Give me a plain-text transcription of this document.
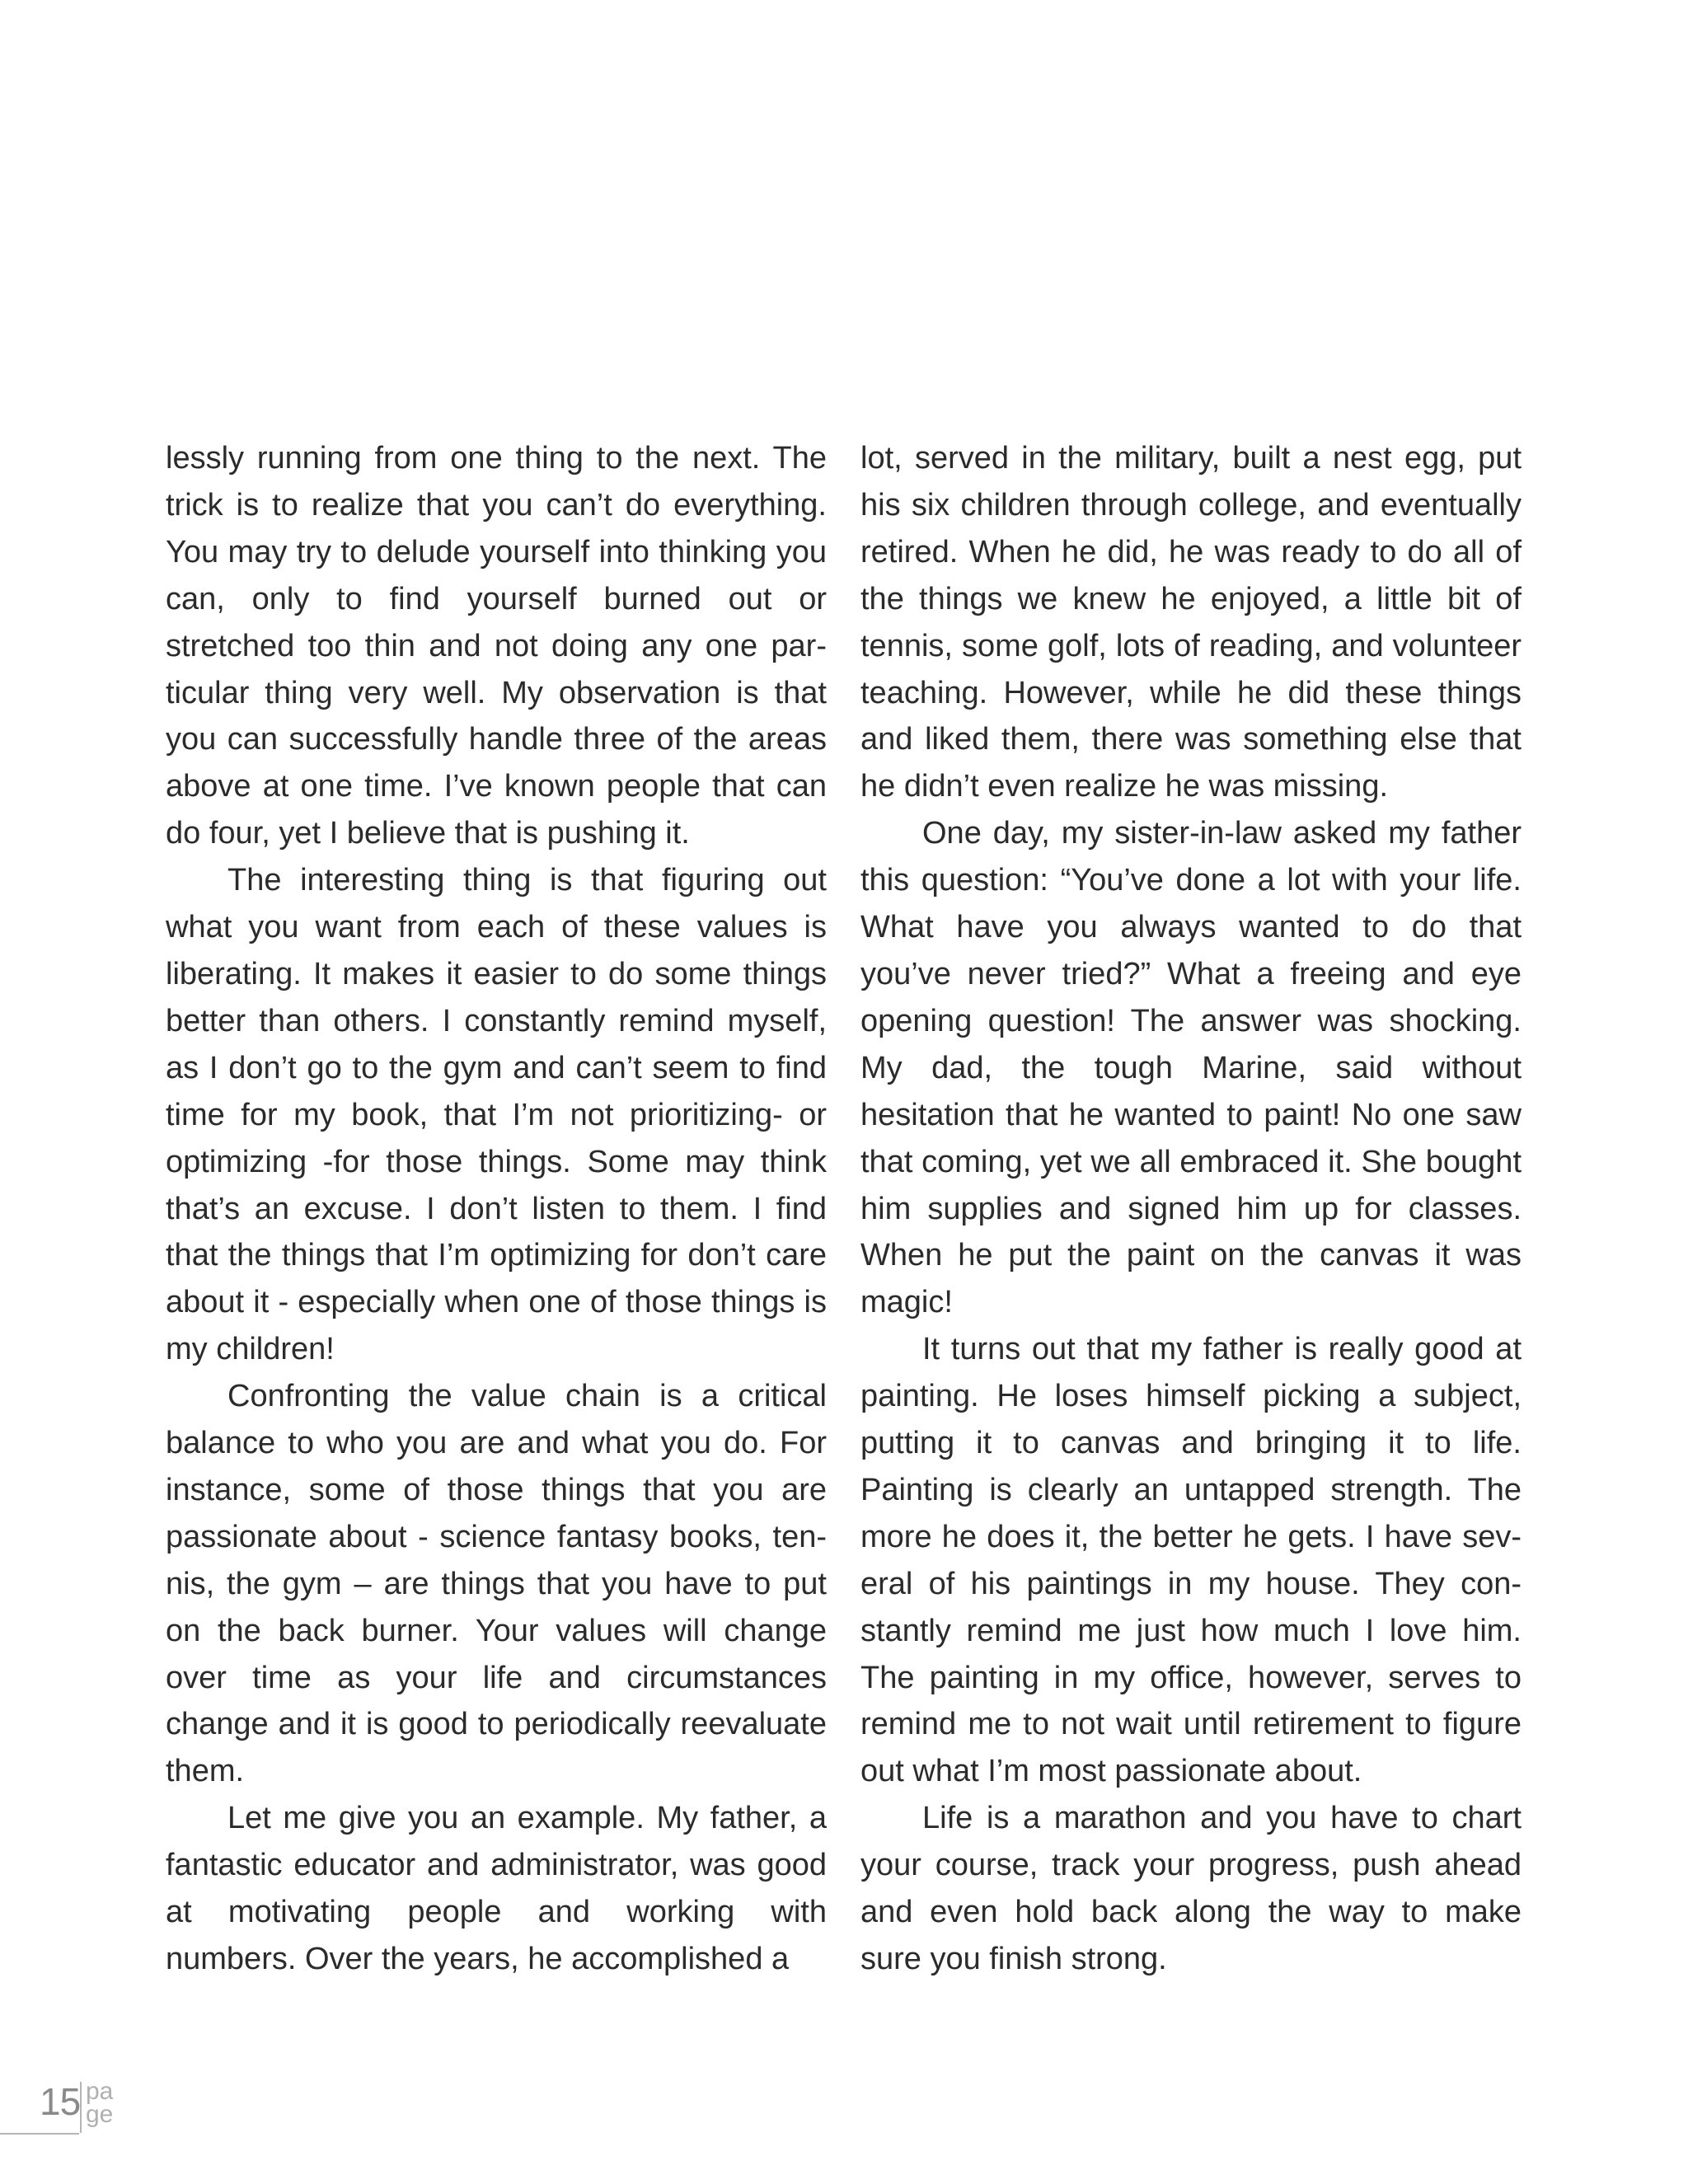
lessly running from one thing to the next. The trick is to realize that you can’t do everything. You may try to delude yourself into thinking you can, only to find yourself burned out or stretched too thin and not doing any one particular thing very well. My observation is that you can successfully handle three of the areas above at one time. I’ve known people that can do four, yet I believe that is pushing it.

The interesting thing is that figuring out what you want from each of these values is liberating. It makes it easier to do some things better than others. I constantly remind myself, as I don’t go to the gym and can’t seem to find time for my book, that I’m not prioritizing- or optimizing -for those things. Some may think that’s an excuse. I don’t listen to them. I find that the things that I’m optimizing for don’t care about it - especially when one of those things is my children!

Confronting the value chain is a critical balance to who you are and what you do. For instance, some of those things that you are passionate about - science fantasy books, tennis, the gym – are things that you have to put on the back burner. Your values will change over time as your life and circumstances change and it is good to periodically reevaluate them.

Let me give you an example. My father, a fantastic educator and administrator, was good at motivating people and working with numbers. Over the years, he accomplished a

lot, served in the military, built a nest egg, put his six children through college, and eventually retired. When he did, he was ready to do all of the things we knew he enjoyed, a little bit of tennis, some golf, lots of reading, and volunteer teaching. However, while he did these things and liked them, there was something else that he didn’t even realize he was missing.

One day, my sister-in-law asked my father this question: “You’ve done a lot with your life. What have you always wanted to do that you’ve never tried?” What a freeing and eye opening question! The answer was shocking. My dad, the tough Marine, said without hesitation that he wanted to paint! No one saw that coming, yet we all embraced it. She bought him supplies and signed him up for classes. When he put the paint on the canvas it was magic!

It turns out that my father is really good at painting. He loses himself picking a subject, putting it to canvas and bringing it to life. Painting is clearly an untapped strength. The more he does it, the better he gets. I have several of his paintings in my house. They constantly remind me just how much I love him. The painting in my office, however, serves to remind me to not wait until retirement to figure out what I’m most passionate about.

Life is a marathon and you have to chart your course, track your progress, push ahead and even hold back along the way to make sure you finish strong.

15 pa
ge
